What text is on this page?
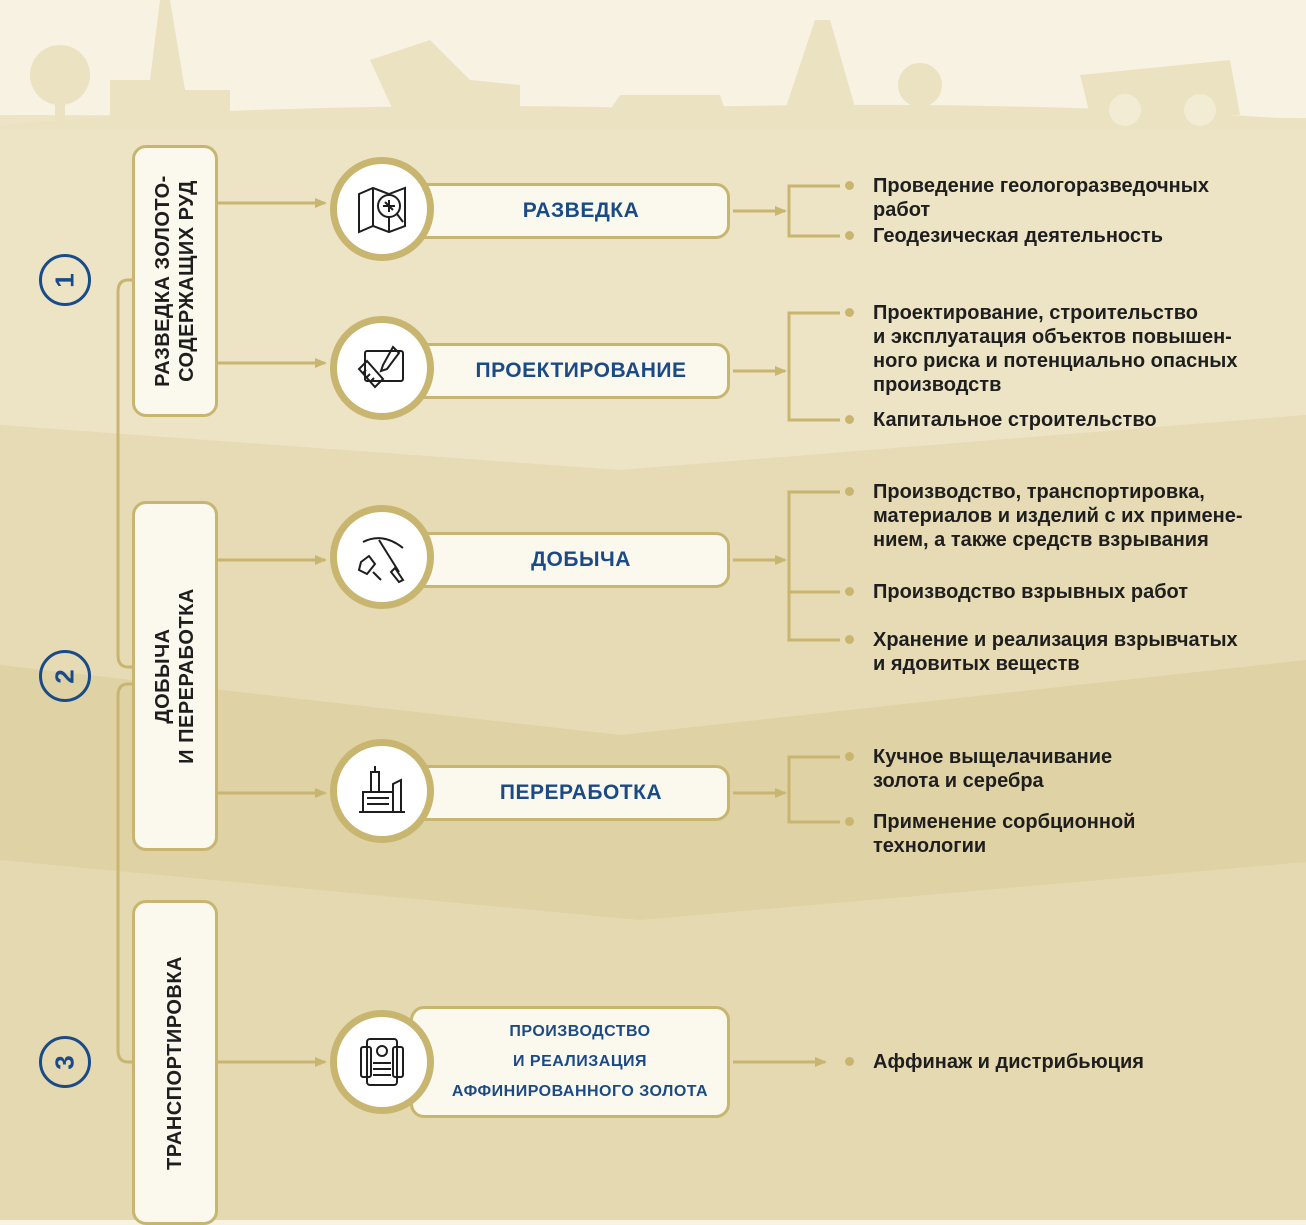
1
2
3
РАЗВЕДКА ЗОЛОТО- СОДЕРЖАЩИХ РУД
ДОБЫЧА И ПЕРЕРАБОТКА
ТРАНСПОРТИРОВКА
РАЗВЕДКА
ПРОЕКТИРОВАНИЕ
ДОБЫЧА
ПЕРЕРАБОТКА
ПРОИЗВОДСТВО
И РЕАЛИЗАЦИЯ
АФФИНИРОВАННОГО ЗОЛОТА
Проведение геологоразведочных
работ
Геодезическая деятельность
Проектирование, строительство
и эксплуатация объектов повышен-
ного риска и потенциально опасных
производств
Капитальное строительство
Производство, транспортировка,
материалов и изделий с их примене-
нием, а также средств взрывания
Производство взрывных работ
Хранение и реализация взрывчатых
и ядовитых веществ
Кучное выщелачивание
золота и серебра
Применение сорбционной
технологии
Аффинаж и дистрибьюция
